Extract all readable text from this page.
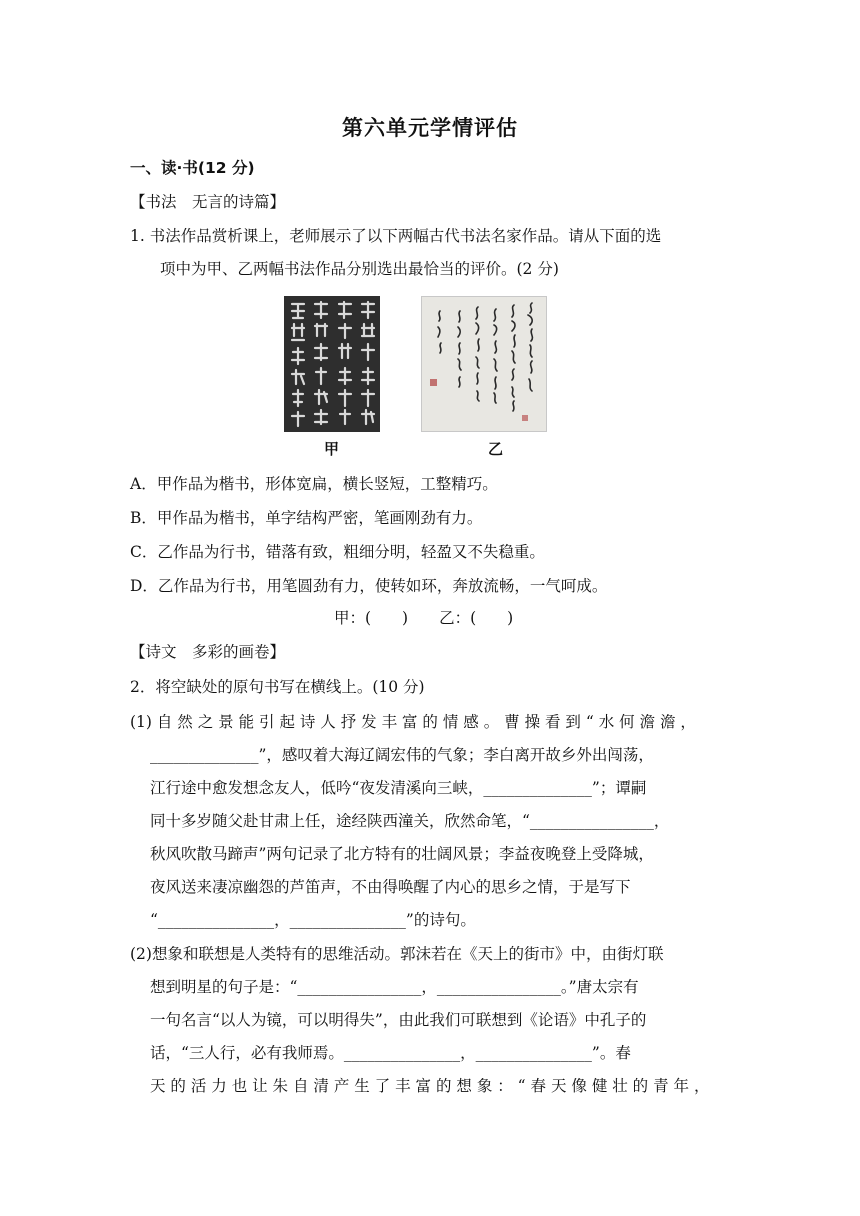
第六单元学情评估
一、读·书(12 分)
【书法　无言的诗篇】
1. 书法作品赏析课上，老师展示了以下两幅古代书法名家作品。请从下面的选
项中为甲、乙两幅书法作品分别选出最恰当的评价。(2 分)
甲	乙
A．甲作品为楷书，形体宽扁，横长竖短，工整精巧。
B．甲作品为楷书，单字结构严密，笔画刚劲有力。
C．乙作品为行书，错落有致，粗细分明，轻盈又不失稳重。
D．乙作品为行书，用笔圆劲有力，使转如环，奔放流畅，一气呵成。
甲：(　　)　　乙：(　　)
【诗文　多彩的画卷】
2．将空缺处的原句书写在横线上。(10 分)
(1) 自 然 之 景 能 引 起 诗 人 抒 发 丰 富 的 情 感 。 曹 操 看 到 “ 水 何 澹 澹 ，
______________”，感叹着大海辽阔宏伟的气象；李白离开故乡外出闯荡，
江行途中愈发想念友人，低吟“夜发清溪向三峡，______________”；谭嗣
同十多岁随父赴甘肃上任，途经陕西潼关，欣然命笔，“________________，
秋风吹散马蹄声”两句记录了北方特有的壮阔风景；李益夜晚登上受降城，
夜风送来凄凉幽怨的芦笛声，不由得唤醒了内心的思乡之情，于是写下
“_______________，_______________”的诗句。
(2)想象和联想是人类特有的思维活动。郭沫若在《天上的街市》中，由街灯联
想到明星的句子是：“________________，________________。”唐太宗有
一句名言“以人为镜，可以明得失”，由此我们可联想到《论语》中孔子的
话，“三人行，必有我师焉。_______________，_______________”。春
天 的 活 力 也 让 朱 自 清 产 生 了 丰 富 的 想 象 ： “ 春 天 像 健 壮 的 青 年 ，
